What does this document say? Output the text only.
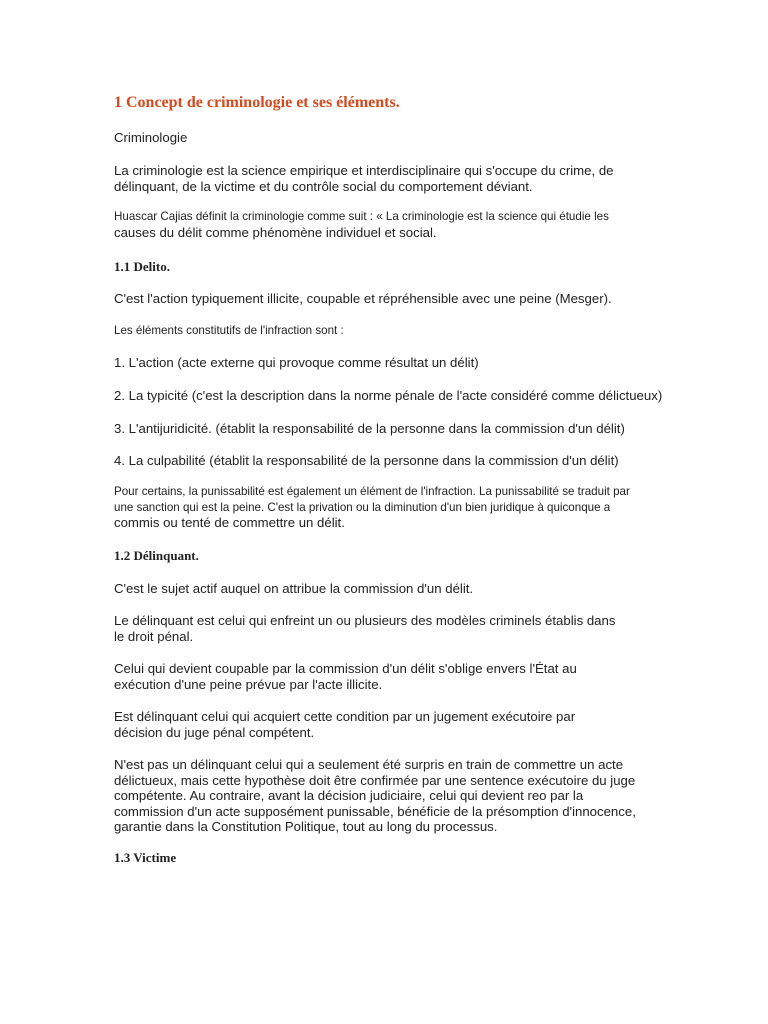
1 Concept de criminologie et ses éléments.
Criminologie
La criminologie est la science empirique et interdisciplinaire qui s'occupe du crime, de
délinquant, de la victime et du contrôle social du comportement déviant.
Huascar Cajias définit la criminologie comme suit : « La criminologie est la science qui étudie les
causes du délit comme phénomène individuel et social.
1.1 Delito.
C'est l'action typiquement illicite, coupable et répréhensible avec une peine (Mesger).
Les éléments constitutifs de l'infraction sont :
1. L'action (acte externe qui provoque comme résultat un délit)
2. La typicité (c'est la description dans la norme pénale de l'acte considéré comme délictueux)
3. L'antijuridicité. (établit la responsabilité de la personne dans la commission d'un délit)
4. La culpabilité (établit la responsabilité de la personne dans la commission d'un délit)
Pour certains, la punissabilité est également un élément de l'infraction. La punissabilité se traduit par
une sanction qui est la peine. C'est la privation ou la diminution d'un bien juridique à quiconque a
commis ou tenté de commettre un délit.
1.2 Délinquant.
C'est le sujet actif auquel on attribue la commission d'un délit.
Le délinquant est celui qui enfreint un ou plusieurs des modèles criminels établis dans
le droit pénal.
Celui qui devient coupable par la commission d'un délit s'oblige envers l'État au
exécution d'une peine prévue par l'acte illicite.
Est délinquant celui qui acquiert cette condition par un jugement exécutoire par
décision du juge pénal compétent.
N'est pas un délinquant celui qui a seulement été surpris en train de commettre un acte
délictueux, mais cette hypothèse doit être confirmée par une sentence exécutoire du juge
compétente. Au contraire, avant la décision judiciaire, celui qui devient reo par la
commission d'un acte supposément punissable, bénéficie de la présomption d'innocence,
garantie dans la Constitution Politique, tout au long du processus.
1.3 Victime
